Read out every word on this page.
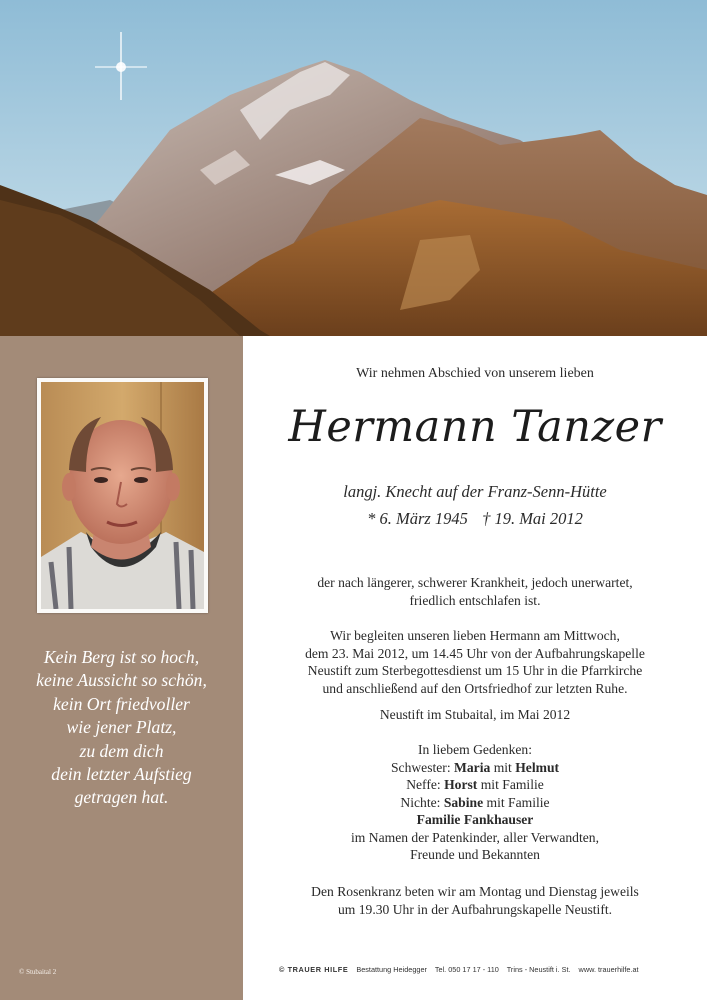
Kein Berg ist so hoch,
keine Aussicht so schön,
kein Ort friedvoller
wie jener Platz,
zu dem dich
dein letzter Aufstieg
getragen hat.
© Stubaital 2
Wir nehmen Abschied von unserem lieben
Hermann Tanzer
langj. Knecht auf der Franz-Senn-Hütte
* 6. März 1945 † 19. Mai 2012
der nach längerer, schwerer Krankheit, jedoch unerwartet,
friedlich entschlafen ist.
Wir begleiten unseren lieben Hermann am Mittwoch,
dem 23. Mai 2012, um 14.45 Uhr von der Aufbahrungskapelle
Neustift zum Sterbegottesdienst um 15 Uhr in die Pfarrkirche
und anschließend auf den Ortsfriedhof zur letzten Ruhe.
Neustift im Stubaital, im Mai 2012
In liebem Gedenken:
Schwester: Maria mit Helmut
Neffe: Horst mit Familie
Nichte: Sabine mit Familie
Familie Fankhauser
im Namen der Patenkinder, aller Verwandten,
Freunde und Bekannten
Den Rosenkranz beten wir am Montag und Dienstag jeweils
um 19.30 Uhr in der Aufbahrungskapelle Neustift.
© TRAUER HILFE Bestattung Heidegger Tel. 050 17 17 - 110 Trins - Neustift i. St. www. trauerhilfe.at
